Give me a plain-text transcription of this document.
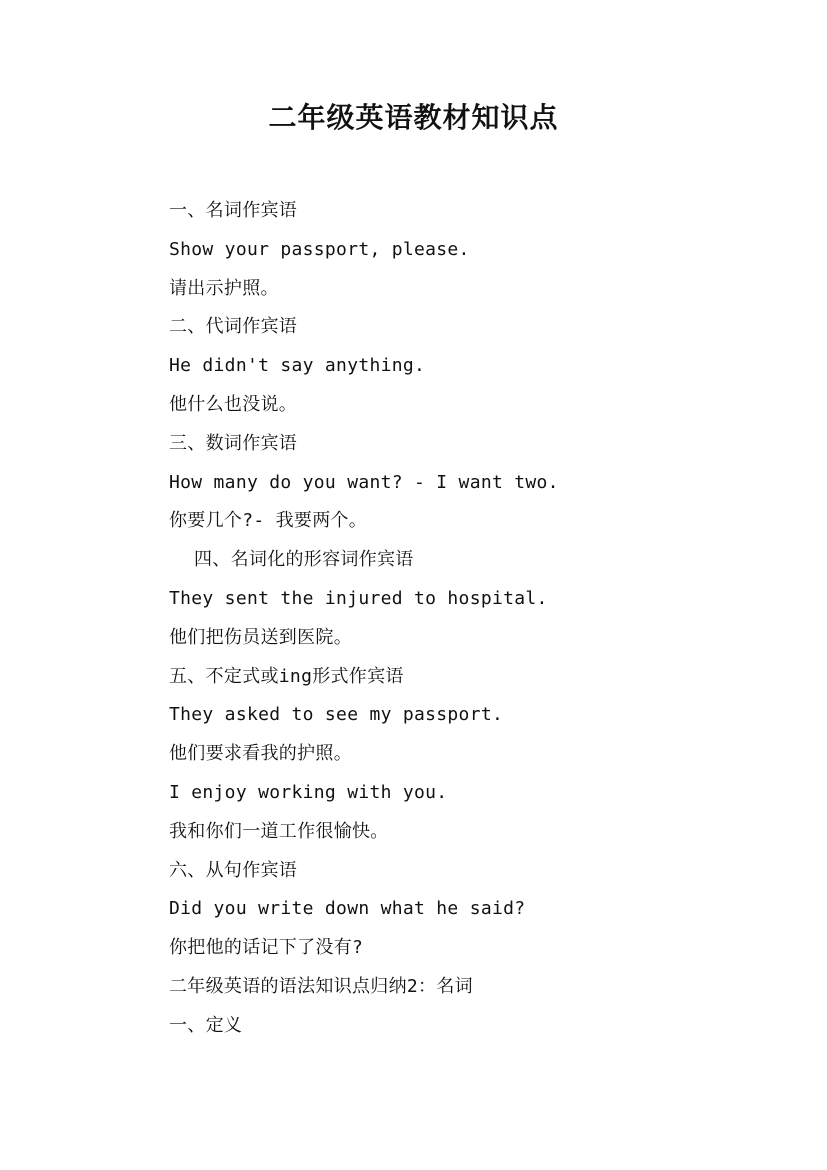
二年级英语教材知识点
一、名词作宾语
Show your passport, please.
请出示护照。
二、代词作宾语
He didn't say anything.
他什么也没说。
三、数词作宾语
How many do you want? - I want two.
你要几个?- 我要两个。
四、名词化的形容词作宾语
They sent the injured to hospital.
他们把伤员送到医院。
五、不定式或ing形式作宾语
They asked to see my passport.
他们要求看我的护照。
I enjoy working with you.
我和你们一道工作很愉快。
六、从句作宾语
Did you write down what he said?
你把他的话记下了没有?
二年级英语的语法知识点归纳2：名词
一、定义
